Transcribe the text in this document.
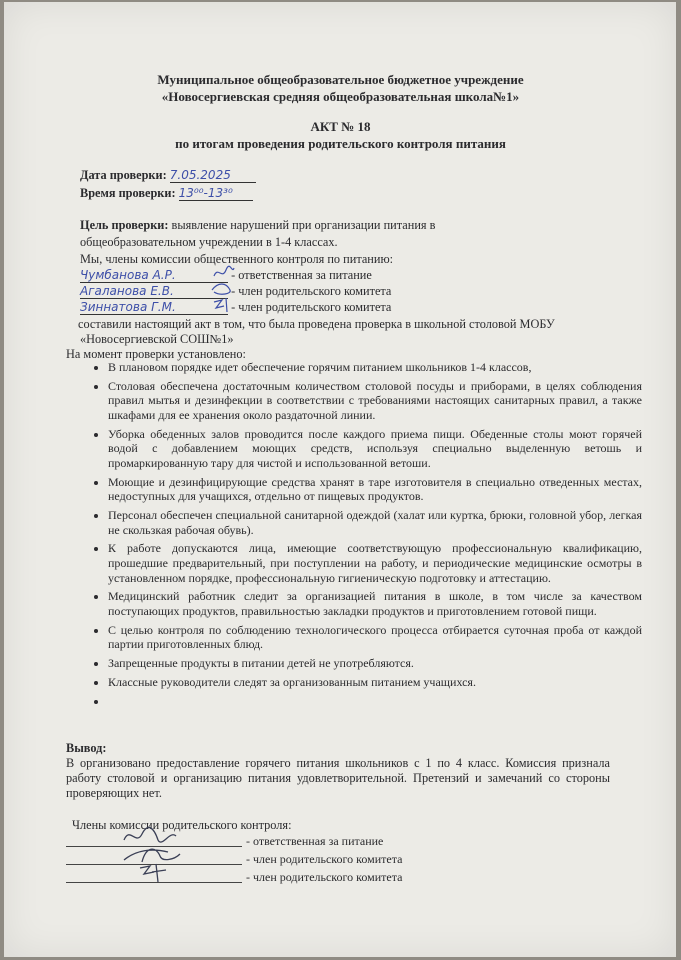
Муниципальное общеобразовательное бюджетное учреждение
«Новосергиевская средняя общеобразовательная школа№1»
АКТ № 18
по итогам проведения родительского контроля питания
Дата проверки: 7.05.2025
Время проверки: 13⁰⁰-13³⁰
Цель проверки: выявление нарушений при организации питания в
общеобразовательном учреждении в 1-4 классах.
Мы, члены комиссии общественного контроля по питанию:
Чумбанова А.Р.	- ответственная за питание
Агаланова Е.В.	- член родительского комитета
Зиннатова Г.М.	- член родительского комитета
составили настоящий акт в том, что была проведена проверка в школьной столовой МОБУ
«Новосергиевской СОШ№1»
На момент проверки установлено:
• В плановом порядке идет обеспечение горячим питанием школьников 1-4 классов,
• Столовая обеспечена достаточным количеством столовой посуды и приборами, в целях соблюдения правил мытья и дезинфекции в соответствии с требованиями настоящих санитарных правил, а также шкафами для ее хранения около раздаточной линии.
• Уборка обеденных залов проводится после каждого приема пищи. Обеденные столы моют горячей водой с добавлением моющих средств, используя специально выделенную ветошь и промаркированную тару для чистой и использованной ветоши.
• Моющие и дезинфицирующие средства хранят в таре изготовителя в специально отведенных местах, недоступных для учащихся, отдельно от пищевых продуктов.
• Персонал обеспечен специальной санитарной одеждой (халат или куртка, брюки, головной убор, легкая не скользкая рабочая обувь).
• К работе допускаются лица, имеющие соответствующую профессиональную квалификацию, прошедшие предварительный, при поступлении на работу, и периодические медицинские осмотры в установленном порядке, профессиональную гигиеническую подготовку и аттестацию.
• Медицинский работник следит за организацией питания в школе, в том числе за качеством поступающих продуктов, правильностью закладки продуктов и приготовлением готовой пищи.
• С целью контроля по соблюдению технологического процесса отбирается суточная проба от каждой партии приготовленных блюд.
• Запрещенные продукты в питании детей не употребляются.
• Классные руководители следят за организованным питанием учащихся.
•
Вывод:
В организовано предоставление горячего питания школьников с 1 по 4 класс. Комиссия признала работу столовой и организацию питания удовлетворительной. Претензий и замечаний со стороны проверяющих нет.
Члены комиссии родительского контроля:
- ответственная за питание
- член родительского комитета
- член родительского комитета
